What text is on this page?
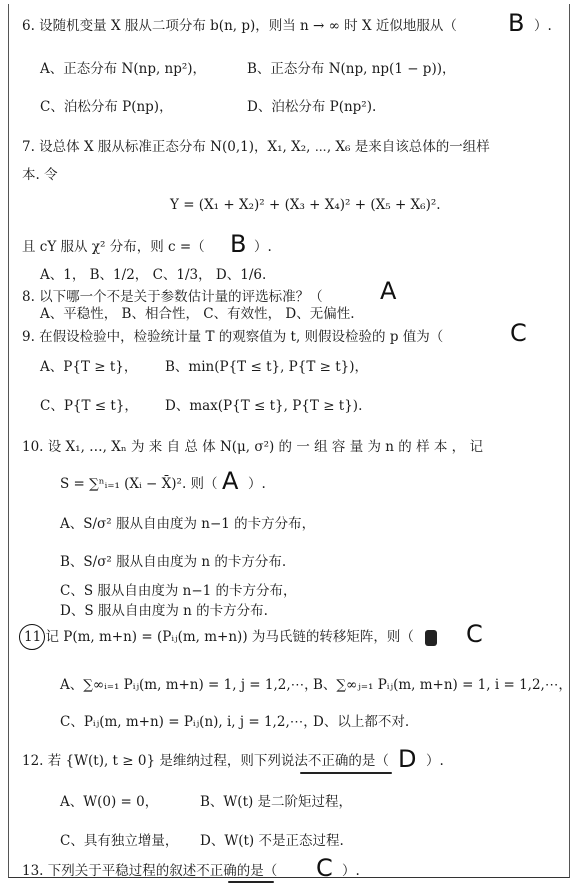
6. 设随机变量 X 服从二项分布 b(n, p)，则当 n → ∞ 时 X 近似地服从（ B ）.
A、正态分布 N(np, np²)，	B、正态分布 N(np, np(1 − p))，
C、泊松分布 P(np)，	D、泊松分布 P(np²).
7. 设总体 X 服从标准正态分布 N(0,1)，X₁, X₂, ⋯, X₆ 是来自该总体的一组样
本. 令
Y = (X₁ + X₂)² + (X₃ + X₄)² + (X₅ + X₆)².
且 cY 服从 χ² 分布，则 c =（ B ）.
A、1， B、1/2， C、1/3， D、1/6.
8. 以下哪一个不是关于参数估计量的评选标准？（ A
A、平稳性， B、相合性， C、有效性， D、无偏性.
9. 在假设检验中，检验统计量 T 的观察值为 t, 则假设检验的 p 值为（	C
A、P{T ≥ t}， B、min(P{T ≤ t}, P{T ≥ t})，
C、P{T ≤ t}， D、max(P{T ≤ t}, P{T ≥ t}).
10. 设 X₁, …, Xₙ 为 来 自 总 体 N(μ, σ²) 的 一 组 容 量 为 n 的 样 本 ， 记
S = ∑ⁿᵢ₌₁ (Xᵢ − X̄)². 则（ A ）.
A、S/σ² 服从自由度为 n−1 的卡方分布，
B、S/σ² 服从自由度为 n 的卡方分布.
C、S 服从自由度为 n−1 的卡方分布，
D、S 服从自由度为 n 的卡方分布.
11 记 P(m, m+n) = (Pᵢⱼ(m, m+n)) 为马氏链的转移矩阵，则（ C
A、∑∞ᵢ₌₁ Pᵢⱼ(m, m+n) = 1, j = 1,2,⋯，
B、∑∞ⱼ₌₁ Pᵢⱼ(m, m+n) = 1, i = 1,2,⋯，
C、Pᵢⱼ(m, m+n) = Pᵢⱼ(n), i, j = 1,2,⋯，
D、以上都不对.
12. 若 {W(t), t ≥ 0} 是维纳过程，则下列说法不正确的是（ D ）.
A、W(0) = 0，	B、W(t) 是二阶矩过程，
C、具有独立增量， D、W(t) 不是正态过程.
13. 下列关于平稳过程的叙述不正确的是（ C ）.
